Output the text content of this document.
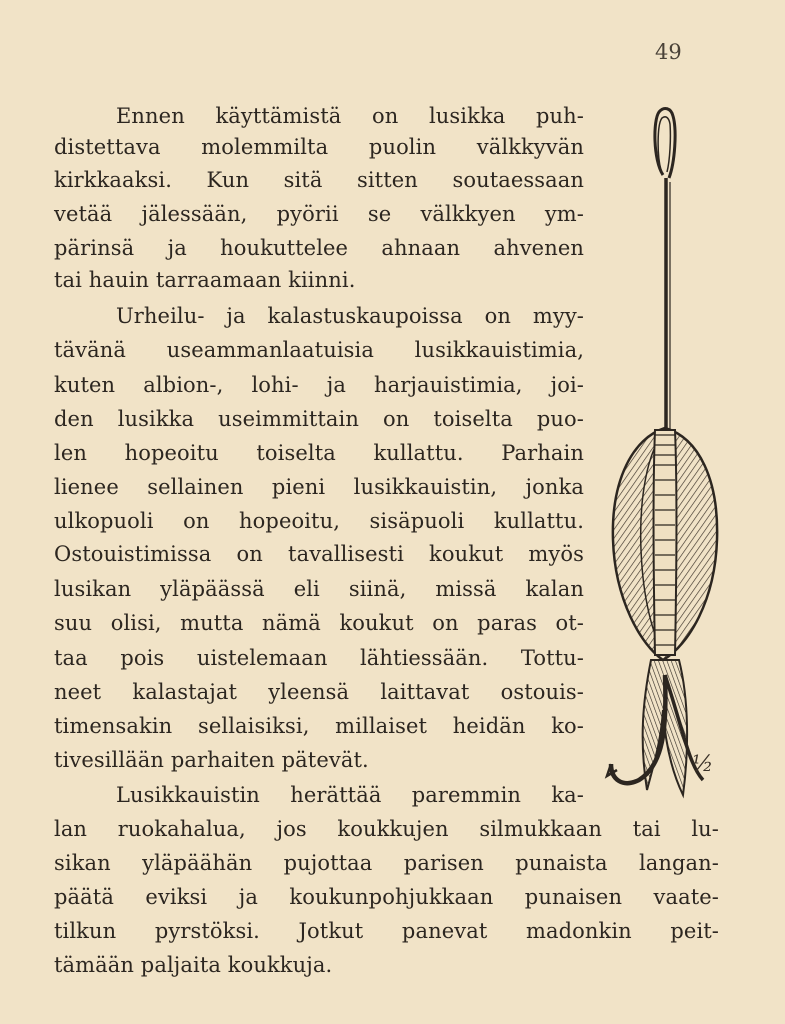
49
Ennen käyttämistä on lusikka puh-
distettava molemmilta puolin välkkyvän
kirkkaaksi. Kun sitä sitten soutaessaan
vetää jälessään, pyörii se välkkyen ym-
pärinsä ja houkuttelee ahnaan ahvenen
tai hauin tarraamaan kiinni.
Urheilu- ja kalastuskaupoissa on myy-
tävänä useammanlaatuisia lusikkauistimia,
kuten albion-, lohi- ja harjauistimia, joi-
den lusikka useimmittain on toiselta puo-
len hopeoitu toiselta kullattu. Parhain
lienee sellainen pieni lusikkauistin, jonka
ulkopuoli on hopeoitu, sisäpuoli kullattu.
Ostouistimissa on tavallisesti koukut myös
lusikan yläpäässä eli siinä, missä kalan
suu olisi, mutta nämä koukut on paras ot-
taa pois uistelemaan lähtiessään. Tottu-
neet kalastajat yleensä laittavat ostouis-
timensakin sellaisiksi, millaiset heidän ko-
tivesillään parhaiten pätevät.
Lusikkauistin herättää paremmin ka-
lan ruokahalua, jos koukkujen silmukkaan tai lu-
sikan yläpäähän pujottaa parisen punaista langan-
päätä eviksi ja koukunpohjukkaan punaisen vaate-
tilkun pyrstöksi. Jotkut panevat madonkin peit-
tämään paljaita koukkuja.
½
